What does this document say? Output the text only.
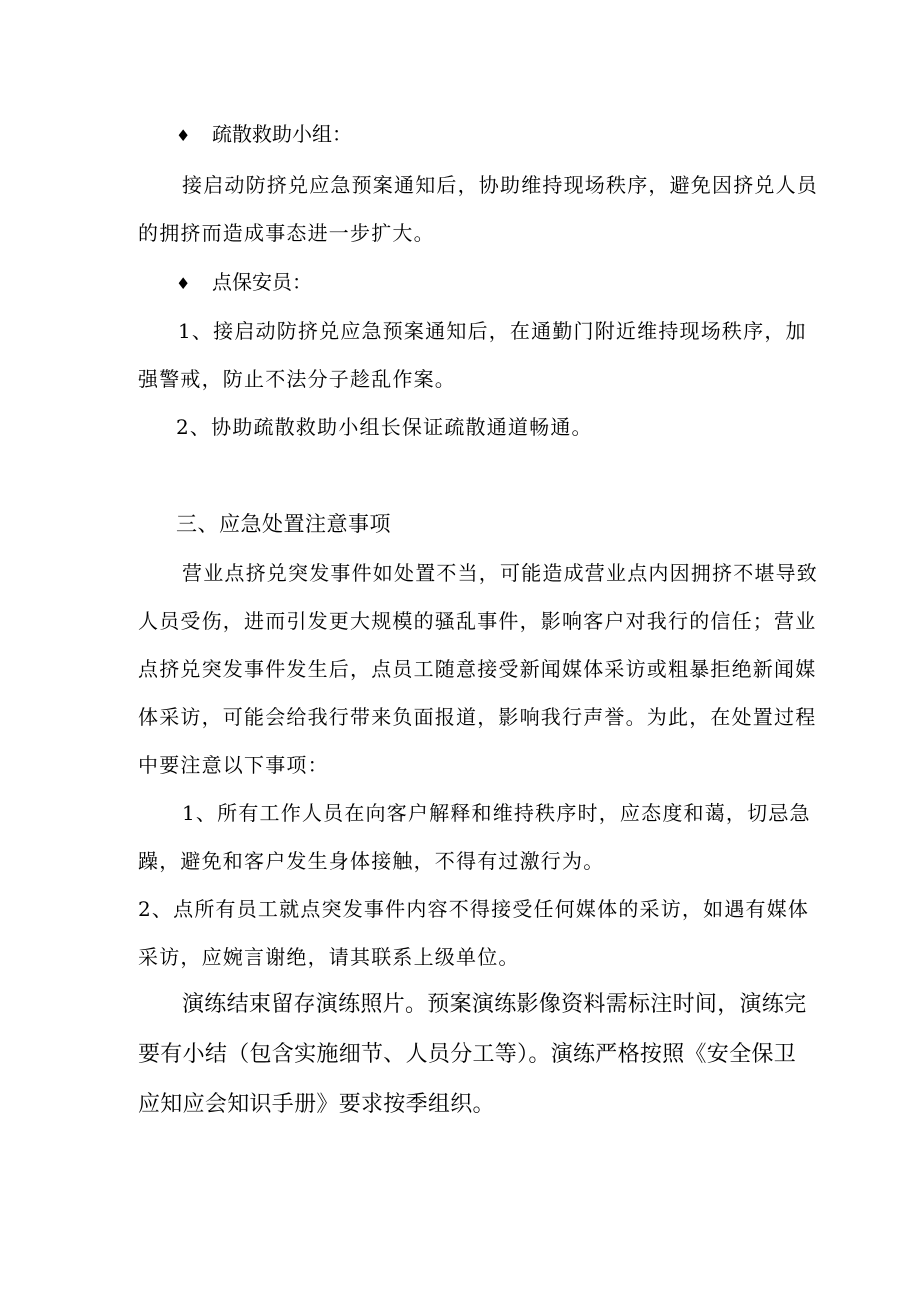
♦ 疏散救助小组：
接启动防挤兑应急预案通知后，协助维持现场秩序，避免因挤兑人员
的拥挤而造成事态进一步扩大。
♦ 点保安员：
1、接启动防挤兑应急预案通知后，在通勤门附近维持现场秩序，加
强警戒，防止不法分子趁乱作案。
2、协助疏散救助小组长保证疏散通道畅通。
三、应急处置注意事项
营业点挤兑突发事件如处置不当，可能造成营业点内因拥挤不堪导致
人员受伤，进而引发更大规模的骚乱事件，影响客户对我行的信任；营业
点挤兑突发事件发生后，点员工随意接受新闻媒体采访或粗暴拒绝新闻媒
体采访，可能会给我行带来负面报道，影响我行声誉。为此，在处置过程
中要注意以下事项：
1、所有工作人员在向客户解释和维持秩序时，应态度和蔼，切忌急
躁，避免和客户发生身体接触，不得有过激行为。
2、点所有员工就点突发事件内容不得接受任何媒体的采访，如遇有媒体
采访，应婉言谢绝，请其联系上级单位。
演练结束留存演练照片。预案演练影像资料需标注时间，演练完
要有小结（包含实施细节、人员分工等）。演练严格按照《安全保卫
应知应会知识手册》要求按季组织。
